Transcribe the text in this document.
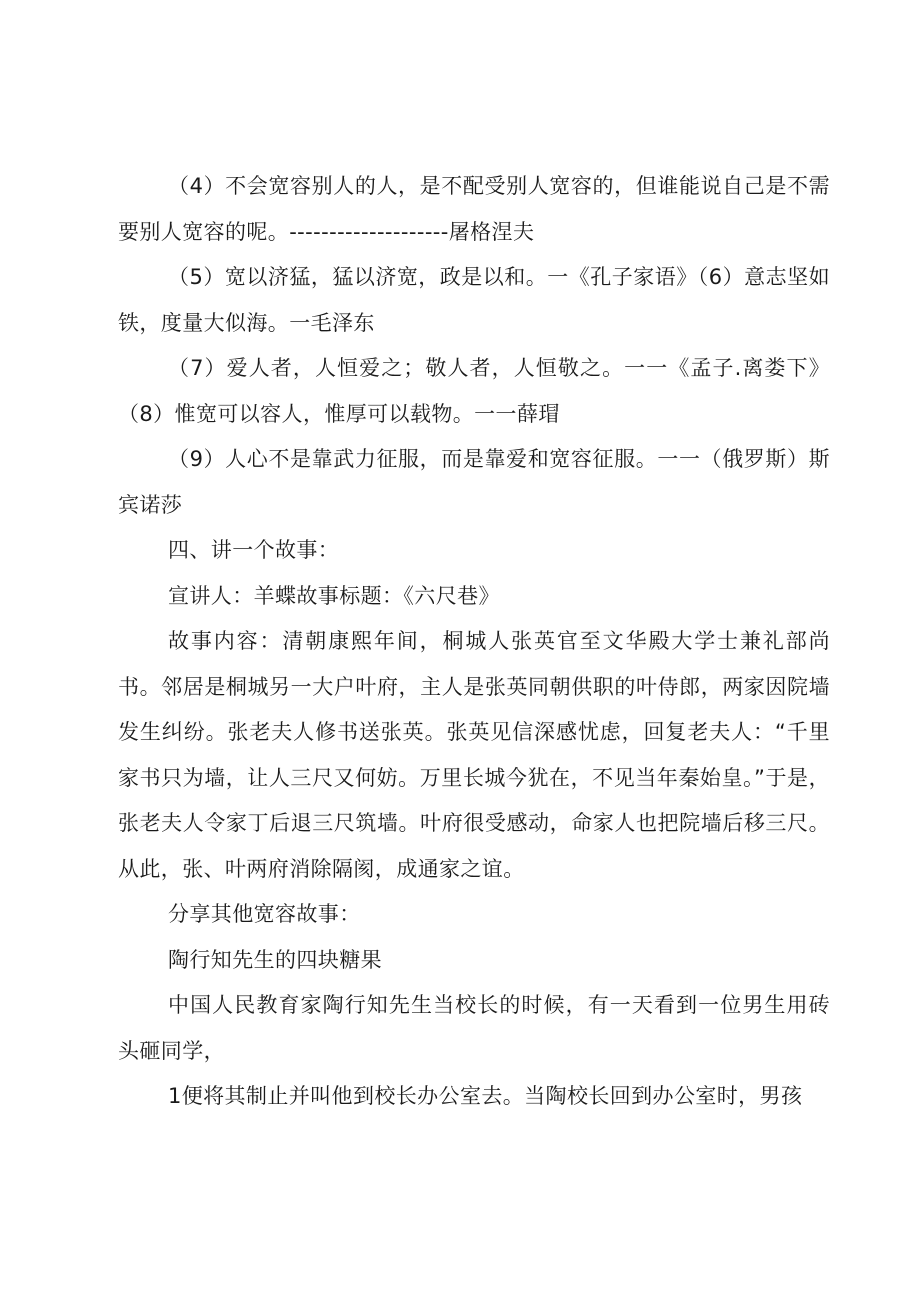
（4）不会宽容别人的人，是不配受别人宽容的，但谁能说自己是不需要别人宽容的呢。--------------------屠格涅夫

（5）宽以济猛，猛以济宽，政是以和。一《孔子家语》（6）意志坚如铁，度量大似海。一毛泽东

（7）爱人者，人恒爱之；敬人者，人恒敬之。一一《孟子.离娄下》（8）惟宽可以容人，惟厚可以载物。一一薛瑁

（9）人心不是靠武力征服，而是靠爱和宽容征服。一一（俄罗斯）斯宾诺莎

四、讲一个故事：

宣讲人：羊蝶故事标题：《六尺巷》

故事内容：清朝康熙年间，桐城人张英官至文华殿大学士兼礼部尚书。邻居是桐城另一大户叶府，主人是张英同朝供职的叶侍郎，两家因院墙发生纠纷。张老夫人修书送张英。张英见信深感忧虑，回复老夫人：“千里家书只为墙，让人三尺又何妨。万里长城今犹在，不见当年秦始皇。”于是，张老夫人令家丁后退三尺筑墙。叶府很受感动，命家人也把院墙后移三尺。从此，张、叶两府消除隔阂，成通家之谊。

分享其他宽容故事：

陶行知先生的四块糖果

中国人民教育家陶行知先生当校长的时候，有一天看到一位男生用砖头砸同学，

1便将其制止并叫他到校长办公室去。当陶校长回到办公室时，男孩
